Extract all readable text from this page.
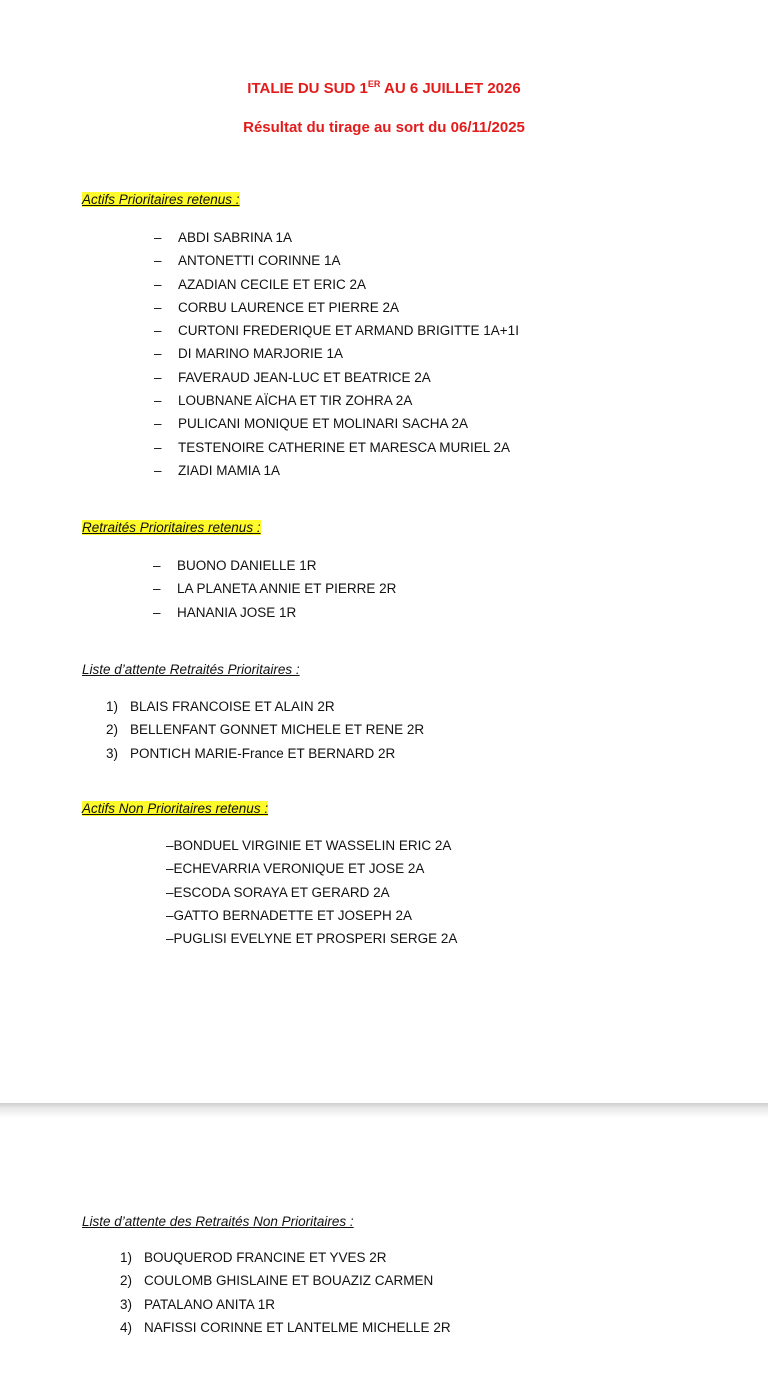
ITALIE DU SUD 1ER AU 6 JUILLET 2026
Résultat du tirage au sort du 06/11/2025
Actifs Prioritaires retenus :
– ABDI SABRINA 1A
– ANTONETTI CORINNE 1A
– AZADIAN CECILE ET ERIC 2A
– CORBU LAURENCE ET PIERRE 2A
– CURTONI FREDERIQUE ET ARMAND BRIGITTE 1A+1I
– DI MARINO MARJORIE 1A
– FAVERAUD JEAN-LUC ET BEATRICE 2A
– LOUBNANE AÏCHA ET TIR ZOHRA 2A
– PULICANI MONIQUE ET MOLINARI SACHA 2A
– TESTENOIRE CATHERINE ET MARESCA MURIEL 2A
– ZIADI MAMIA 1A
Retraités Prioritaires retenus :
– BUONO DANIELLE 1R
– LA PLANETA ANNIE ET PIERRE 2R
– HANANIA JOSE 1R
Liste d’attente Retraités Prioritaires :
1) BLAIS FRANCOISE ET ALAIN 2R
2) BELLENFANT GONNET MICHELE ET RENE 2R
3) PONTICH MARIE-France ET BERNARD 2R
Actifs Non Prioritaires retenus :
–BONDUEL VIRGINIE ET WASSELIN ERIC 2A
–ECHEVARRIA VERONIQUE ET JOSE 2A
–ESCODA SORAYA ET GERARD 2A
–GATTO BERNADETTE ET JOSEPH 2A
–PUGLISI EVELYNE ET PROSPERI SERGE 2A
Liste d’attente des Retraités Non Prioritaires :
1) BOUQUEROD FRANCINE ET YVES 2R
2) COULOMB GHISLAINE ET BOUAZIZ CARMEN
3) PATALANO ANITA 1R
4) NAFISSI CORINNE ET LANTELME MICHELLE 2R
